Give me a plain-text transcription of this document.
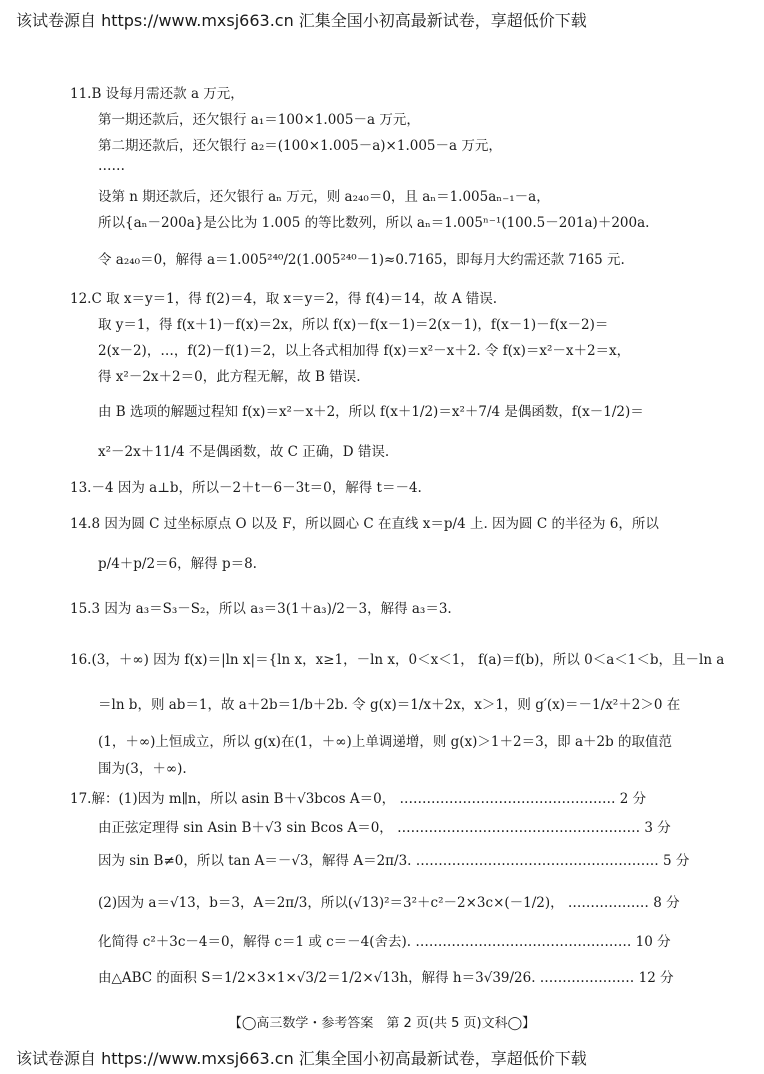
该试卷源自 https://www.mxsj663.cn 汇集全国小初高最新试卷，享超低价下载
11.B 设每月需还款 a 万元，
第一期还款后，还欠银行 a₁＝100×1.005－a 万元，
第二期还款后，还欠银行 a₂＝(100×1.005－a)×1.005－a 万元，
……
设第 n 期还款后，还欠银行 aₙ 万元，则 a₂₄₀＝0，且 aₙ＝1.005aₙ₋₁－a，
所以{aₙ－200a}是公比为 1.005 的等比数列，所以 aₙ＝1.005ⁿ⁻¹(100.5－201a)＋200a.
令 a₂₄₀＝0，解得 a＝1.005²⁴⁰/2(1.005²⁴⁰－1)≈0.7165，即每月大约需还款 7165 元.
12.C 取 x＝y＝1，得 f(2)＝4，取 x＝y＝2，得 f(4)＝14，故 A 错误.
取 y＝1，得 f(x＋1)－f(x)＝2x，所以 f(x)－f(x－1)＝2(x－1)，f(x－1)－f(x－2)＝
2(x－2)，…，f(2)－f(1)＝2，以上各式相加得 f(x)＝x²－x＋2. 令 f(x)＝x²－x＋2＝x，
得 x²－2x＋2＝0，此方程无解，故 B 错误.
由 B 选项的解题过程知 f(x)＝x²－x＋2，所以 f(x＋1/2)＝x²＋7/4 是偶函数，f(x－1/2)＝
x²－2x＋11/4 不是偶函数，故 C 正确，D 错误.
13.－4 因为 a⊥b，所以－2＋t－6－3t＝0，解得 t＝－4.
14.8 因为圆 C 过坐标原点 O 以及 F，所以圆心 C 在直线 x＝p/4 上. 因为圆 C 的半径为 6，所以
p/4＋p/2＝6，解得 p＝8.
15.3 因为 a₃＝S₃－S₂，所以 a₃＝3(1＋a₃)/2－3，解得 a₃＝3.
16.(3，＋∞) 因为 f(x)＝|ln x|＝{ln x，x≥1，－ln x，0＜x＜1， f(a)＝f(b)，所以 0＜a＜1＜b，且－ln a
＝ln b，则 ab＝1，故 a＋2b＝1/b＋2b. 令 g(x)＝1/x＋2x，x＞1，则 g′(x)＝－1/x²＋2＞0 在
(1，＋∞)上恒成立，所以 g(x)在(1，＋∞)上单调递增，则 g(x)＞1＋2＝3，即 a＋2b 的取值范
围为(3，＋∞).
17.解：(1)因为 m∥n，所以 asin B＋√3bcos A＝0， ………………………………………… 2 分
由正弦定理得 sin Asin B＋√3 sin Bcos A＝0， ……………………………………………… 3 分
因为 sin B≠0，所以 tan A＝－√3，解得 A＝2π/3. ……………………………………………… 5 分
(2)因为 a＝√13，b＝3，A＝2π/3，所以(√13)²＝3²＋c²－2×3c×(－1/2)， ……………… 8 分
化简得 c²＋3c－4＝0，解得 c＝1 或 c＝－4(舍去). ………………………………………… 10 分
由△ABC 的面积 S＝1/2×3×1×√3/2＝1/2×√13h，解得 h＝3√39/26. ………………… 12 分
【◯高三数学・参考答案　第 2 页(共 5 页)文科◯】
该试卷源自 https://www.mxsj663.cn 汇集全国小初高最新试卷，享超低价下载
